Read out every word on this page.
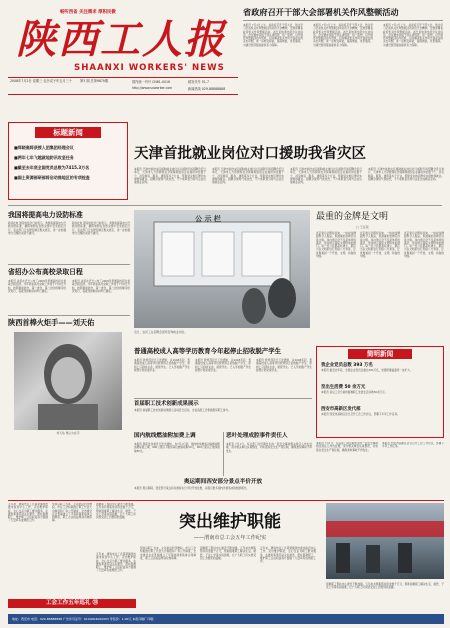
畅听西省 关注需求 厚积民微
陕西工人报
SHAANXI WORKERS' NEWS
2008年7月2日 星期三 农历戊子年五月三十	第3 期 总第9870期	国内统一刊号 CN61-0016	邮发代号 51-7
http://www.sxworker.com	新闻热线 029-88888888
省政府召开干部大会部署机关作风整顿活动
本报讯 7月1日上午，省政府召开干部大会，传达学习全省机关作风整顿活动动员大会精神，安排部署省政府机关作风整顿活动。省长袁纯清出席会议并讲话。会议要求各级干部认清形势，统一思想，以开展作风整顿活动为契机，切实解决机关作风方面存在的突出问题，进一步转变职能，提高效能，优化服务，为建设西部强省提供有力保障。
本报讯 7月1日上午，省政府召开干部大会，传达学习全省机关作风整顿活动动员大会精神，安排部署省政府机关作风整顿活动。省长袁纯清出席会议并讲话。会议要求各级干部认清形势，统一思想，以开展作风整顿活动为契机，切实解决机关作风方面存在的突出问题，进一步转变职能，提高效能，优化服务，为建设西部强省提供有力保障。
本报讯 7月1日上午，省政府召开干部大会，传达学习全省机关作风整顿活动动员大会精神，安排部署省政府机关作风整顿活动。省长袁纯清出席会议并讲话。会议要求各级干部认清形势，统一思想，以开展作风整顿活动为契机，切实解决机关作风方面存在的突出问题，进一步转变职能，提高效能，优化服务，为建设西部强省提供有力保障。
标题新闻
■郑晓高将获授入团集团经理会议
■两年七年飞越就地防汛攻坚任务
■截至去年底全国党员总数为7415.3万名
■国土资源部研部将启动推地区的专项检查
天津首批就业岗位对口援助我省灾区
本报讯 天津市首批灾区援助就业岗位对口援助专场招聘会近日举行，天津市人力资源和社会保障局组织企业提供岗位数千个，涉及制造、服务、建筑等多个行业，帮助受灾地区群众实现转移就业。招聘会现场气氛热烈，不少求职者当场与企业达成就业意向。
本报讯 天津市首批灾区援助就业岗位对口援助专场招聘会近日举行，天津市人力资源和社会保障局组织企业提供岗位数千个，涉及制造、服务、建筑等多个行业，帮助受灾地区群众实现转移就业。招聘会现场气氛热烈，不少求职者当场与企业达成就业意向。
本报讯 天津市首批灾区援助就业岗位对口援助专场招聘会近日举行，天津市人力资源和社会保障局组织企业提供岗位数千个，涉及制造、服务、建筑等多个行业，帮助受灾地区群众实现转移就业。招聘会现场气氛热烈，不少求职者当场与企业达成就业意向。
本报讯 天津市首批灾区援助就业岗位对口援助专场招聘会近日举行，天津市人力资源和社会保障局组织企业提供岗位数千个，涉及制造、服务、建筑等多个行业，帮助受灾地区群众实现转移就业。招聘会现场气氛热烈，不少求职者当场与企业达成就业意向。
我国将提高电力设防标准
新华社电 国家电监会日前表示，我国将提高电力设施设防标准，确保电网在自然灾害中安全稳定运行。有关部门正在研究制定相关规定，进一步加强电力设施抗灾能力建设。
新华社电 国家电监会日前表示，我国将提高电力设施设防标准，确保电网在自然灾害中安全稳定运行。有关部门正在研究制定相关规定，进一步加强电力设施抗灾能力建设。
省招办公布高校录取日程
本报讯 省招办近日公布了2008年普通高校招生录取日程安排。今年我省高考录取工作将于7月8日开始，按照提前批次、第一批次、第二批次的顺序依次进行，各批次录取时间均已确定。
本报讯 省招办近日公布了2008年普通高校招生录取日程安排。今年我省高考录取工作将于7月8日开始，按照提前批次、第一批次、第二批次的顺序依次进行，各批次录取时间均已确定。
陕西首棒火炬手——刘天佑
刘天佑 奥运火炬手
公 示 栏
近日，农民工在招聘会现场咨询就业岗位。
最重的金牌是文明
□ 王亚民
北京奥运会即将到来，一块块金牌固然令人振奋，但最重的金牌应该是文明。举办奥运会不仅是体育的盛会，更是展示国家文明形象的窗口。每一位公民都是东道主，都应当以文明的言行迎接八方来客，让世界看到一个开放、文明、和谐的中国。
北京奥运会即将到来，一块块金牌固然令人振奋，但最重的金牌应该是文明。举办奥运会不仅是体育的盛会，更是展示国家文明形象的窗口。每一位公民都是东道主，都应当以文明的言行迎接八方来客，让世界看到一个开放、文明、和谐的中国。
北京奥运会即将到来，一块块金牌固然令人振奋，但最重的金牌应该是文明。举办奥运会不仅是体育的盛会，更是展示国家文明形象的窗口。每一位公民都是东道主，都应当以文明的言行迎接八方来客，让世界看到一个开放、文明、和谐的中国。
普通高校成人高等学历教育今年起停止招收脱产学生
本报讯 教育部近日下发通知，从2008年起，普通高校成人高等学历教育停止招收脱产学生，原则上只招收业余、函授学生。已入学的脱产学生按原计划完成学业。
本报讯 教育部近日下发通知，从2008年起，普通高校成人高等学历教育停止招收脱产学生，原则上只招收业余、函授学生。已入学的脱产学生按原计划完成学业。
本报讯 教育部近日下发通知，从2008年起，普通高校成人高等学历教育停止招收脱产学生，原则上只招收业余、函授学生。已入学的脱产学生按原计划完成学业。
简明新闻
我企业党员总数 393 万名
本报讯 截至去年底，全国企业党员总数达393万名，党组织覆盖面进一步扩大。
至出生活费 50 余万元
本报讯 省总工会日前向困难职工发放生活补助50余万元。
西安市高新区发代部
本报讯 西安市高新区近日召开工会工作会议，部署下半年工作任务。
首届职工技术创新成果展示
本报讯 首届职工技术创新成果展示活动近日启动，全省各级工会积极组织职工参与。
国内航线燃油附加费上调
本报讯 国家发改委近日发出通知，自7月1日起，国内航线旅客运输燃油附加费标准上调，800公里以下航线每位旅客收取50元，800公里以上航线收取80元。
奥运期间西安部分景点半价开放
本报讯 奥运期间，西安部分景点将对游客实行半价开放优惠，以吸引更多国内外游客来陕旅游观光。
恶叶处理成腔事件责任人
本报讯 7月1日，有关部门对近期发生的一起安全事故相关责任人作出处理，责令相关单位认真整改，切实落实安全生产责任制，确保类似事故不再发生。
本报讯 7月1日，有关部门对近期发生的一起安全事故相关责任人作出处理，责令相关单位认真整改，切实落实安全生产责任制，确保类似事故不再发生。
本报讯 西安市高新区近日召开工会工作会议，部署下半年工作任务。
五年来，渭南市总工会紧紧围绕市委市政府中心工作，突出维护职能，全心全意为职工群众服务，在推进和谐劳动关系建设、帮扶困难职工、维护职工合法权益等方面做了大量卓有成效的工作。
坚持以职工为本，主动依法科学维权。市总工会积极推行职工代表大会制度和厂务公开制度，全市建会企业普遍建立了平等协商和集体合同制度，职工合法权益得到有效保障。
困难职工帮扶中心建设不断加强。五年来共筹集帮扶资金数千万元，帮助困难职工解决生活、就医、子女上学等实际困难，让广大职工切实感受到工会组织的温暖。	突出维护职能
——渭南市总工会五年工作纪实
五年来，渭南市总工会紧紧围绕市委市政府中心工作，突出维护职能，全心全意为职工群众服务，在推进和谐劳动关系建设、帮扶困难职工、维护职工合法权益等方面做了大量卓有成效的工作。
坚持以职工为本，主动依法科学维权。市总工会积极推行职工代表大会制度和厂务公开制度，全市建会企业普遍建立了平等协商和集体合同制度，职工合法权益得到有效保障。
困难职工帮扶中心建设不断加强。五年来共筹集帮扶资金数千万元，帮助困难职工解决生活、就医、子女上学等实际困难，让广大职工切实感受到工会组织的温暖。
五年来，渭南市总工会紧紧围绕市委市政府中心工作，突出维护职能，全心全意为职工群众服务，在推进和谐劳动关系建设、帮扶困难职工、维护职工合法权益等方面做了大量卓有成效的工作。
困难职工帮扶中心建设不断加强。五年来共筹集帮扶资金数千万元，帮助困难职工解决生活、就医、子女上学等实际困难，让广大职工切实感受到工会组织的温暖。
工会工作五年巡礼 ㉘
地址：西安市 电话：029-88888888 广告许可证号：6100004000003 零售价：1.00元 本报印刷厂印刷
